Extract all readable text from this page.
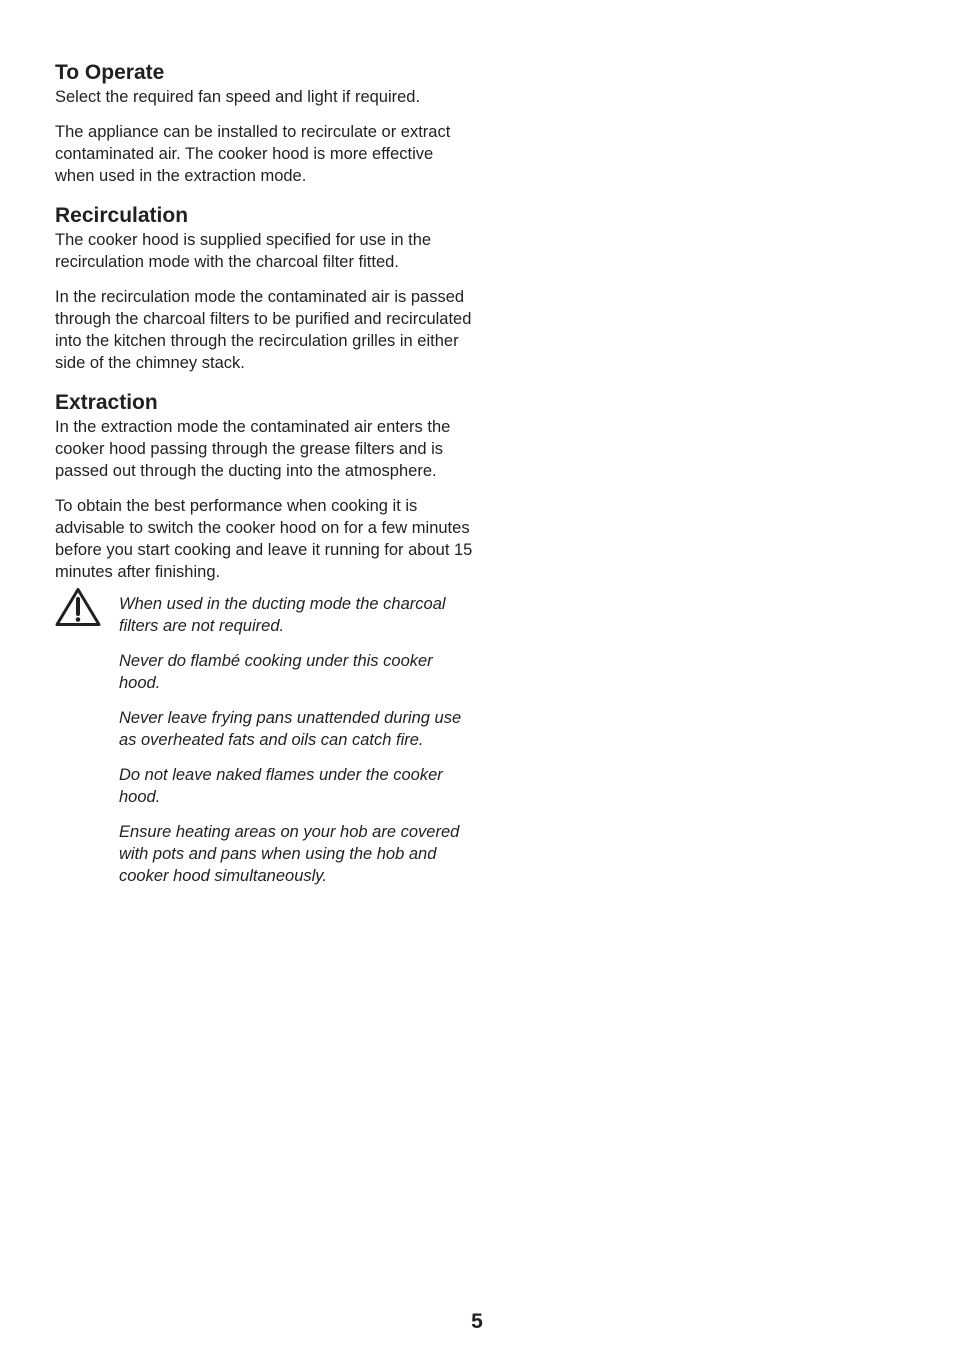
To Operate

Select the required fan speed and light if required.

The appliance can be installed to recirculate or extract contaminated air. The cooker hood is more effective when used in the extraction mode.

Recirculation

The cooker hood is supplied specified for use in the recirculation mode with the charcoal filter fitted.

In the recirculation mode the contaminated air is passed through the charcoal filters to be purified and recirculated into the kitchen through the recirculation grilles in either side of the chimney stack.

Extraction

In the extraction mode the contaminated air enters the cooker hood passing through the grease filters and is passed out through the ducting into the atmosphere.

To obtain the best performance when cooking it is advisable to switch the cooker hood on for a few minutes before you start cooking and leave it running for about 15 minutes after finishing.

When used in the ducting mode the charcoal filters are not required.

Never do flambé cooking under this cooker hood.

Never leave frying pans unattended during use as overheated fats and oils can catch fire.

Do not leave naked flames under the cooker hood.

Ensure heating areas on your hob are covered with pots and pans when using the hob and cooker hood simultaneously.

5
